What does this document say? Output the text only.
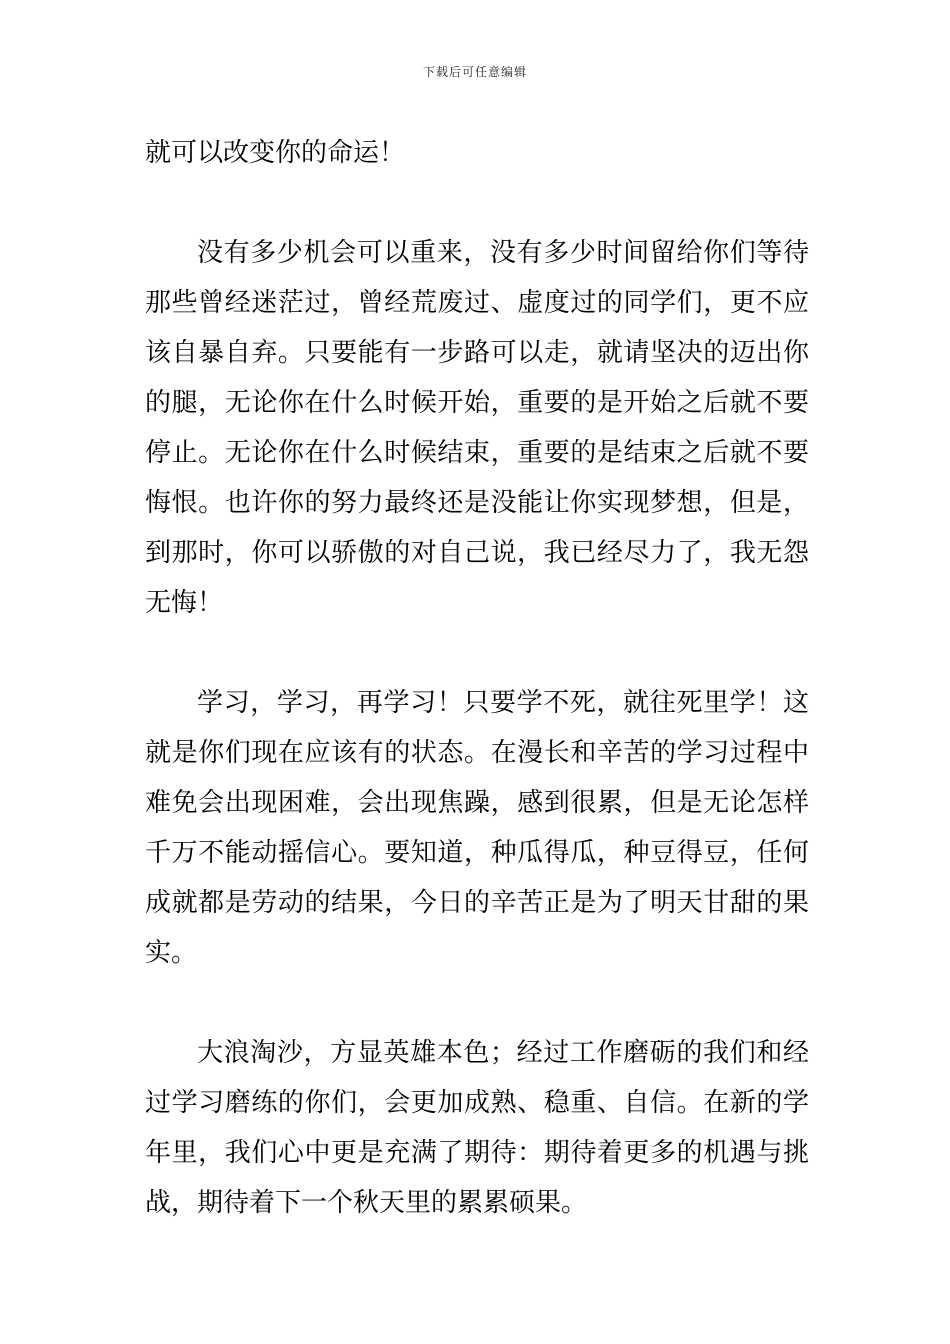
下载后可任意编辑
就可以改变你的命运！
没有多少机会可以重来，没有多少时间留给你们等待
那些曾经迷茫过，曾经荒废过、虚度过的同学们，更不应
该自暴自弃。只要能有一步路可以走，就请坚决的迈出你
的腿，无论你在什么时候开始，重要的是开始之后就不要
停止。无论你在什么时候结束，重要的是结束之后就不要
悔恨。也许你的努力最终还是没能让你实现梦想，但是，
到那时，你可以骄傲的对自己说，我已经尽力了，我无怨
无悔！
学习，学习，再学习！只要学不死，就往死里学！这
就是你们现在应该有的状态。在漫长和辛苦的学习过程中
难免会出现困难，会出现焦躁，感到很累，但是无论怎样
千万不能动摇信心。要知道，种瓜得瓜，种豆得豆，任何
成就都是劳动的结果，今日的辛苦正是为了明天甘甜的果
实。
大浪淘沙，方显英雄本色；经过工作磨砺的我们和经
过学习磨练的你们，会更加成熟、稳重、自信。在新的学
年里，我们心中更是充满了期待：期待着更多的机遇与挑
战，期待着下一个秋天里的累累硕果。
